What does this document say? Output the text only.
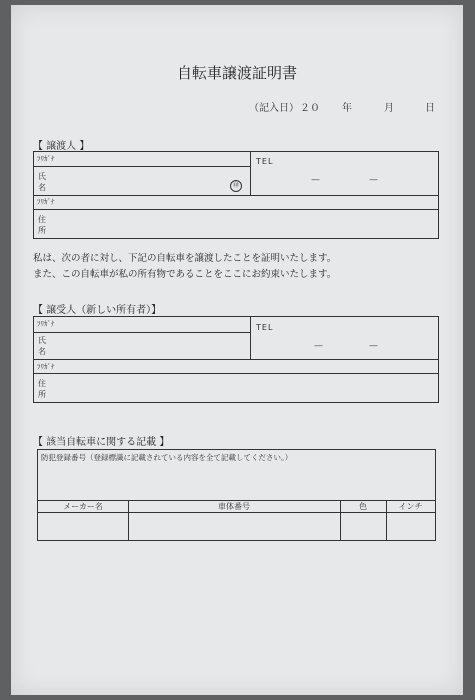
自転車譲渡証明書
（記入日） ２０ 年	月	日
【 譲渡人 】
ﾌﾘｶﾞﾅ
氏
名	㊞
TEL
—	—
ﾌﾘｶﾞﾅ
住
所
私は、次の者に対し、下記の自転車を譲渡したことを証明いたします。
また、この自転車が私の所有物であることをここにお約束いたします。
【 譲受人（新しい所有者）】
ﾌﾘｶﾞﾅ
氏
名
TEL
—	—
ﾌﾘｶﾞﾅ
住
所
【 該当自転車に関する記載 】
防犯登録番号（登録標識に記載されている内容を全て記載してください。）
メーカー名	車体番号	色	インチ
